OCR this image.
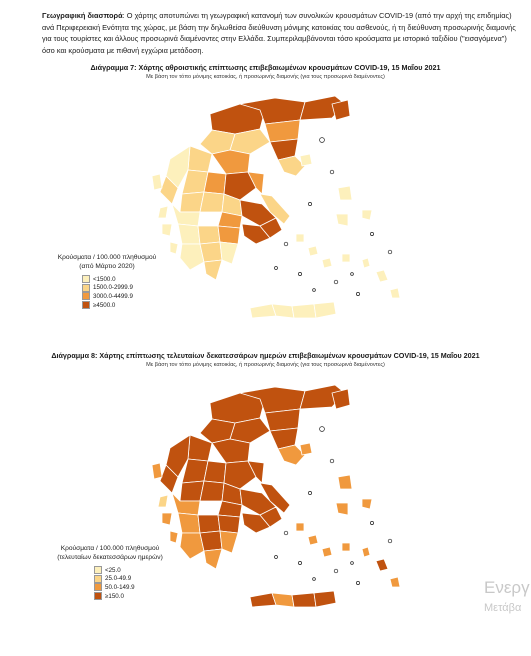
Γεωγραφική διασπορά: Ο χάρτης αποτυπώνει τη γεωγραφική κατανομή των συνολικών κρουσμάτων COVID-19 (από την αρχή της επιδημίας) ανά Περιφερειακή Ενότητα της χώρας, με βάση την δηλωθείσα διεύθυνση μόνιμης κατοικίας του ασθενούς, ή τη διεύθυνση προσωρινής διαμονής για τους τουρίστες και άλλους προσωρινά διαμένοντες στην Ελλάδα. Συμπεριλαμβάνονται τόσο κρούσματα με ιστορικό ταξιδίου ("εισαγόμενα") όσο και κρούσματα με πιθανή εγχώρια μετάδοση.
Διάγραμμα 7: Χάρτης αθροιστικής επίπτωσης επιβεβαιωμένων κρουσμάτων COVID-19, 15 Μαΐου 2021
Με βάση τον τόπο μόνιμης κατοικίας, ή προσωρινής διαμονής (για τους προσωρινά διαμένοντες)
Κρούσματα / 100.000 πληθυσμού
(από Μάρτιο 2020)
<1500.0
1500.0-2999.9
3000.0-4499.9
≥4500.0
Διάγραμμα 8: Χάρτης επίπτωσης τελευταίων δεκατεσσάρων ημερών επιβεβαιωμένων κρουσμάτων COVID-19, 15 Μαΐου 2021
Με βάση τον τόπο μόνιμης κατοικίας, ή προσωρινής διαμονής (για τους προσωρινά διαμένοντες)
Κρούσματα / 100.000 πληθυσμού
(τελευταίων δεκατεσσάρων ημερών)
<25.0
25.0-49.9
50.0-149.9
≥150.0	Ενεργ
Μετάβα
